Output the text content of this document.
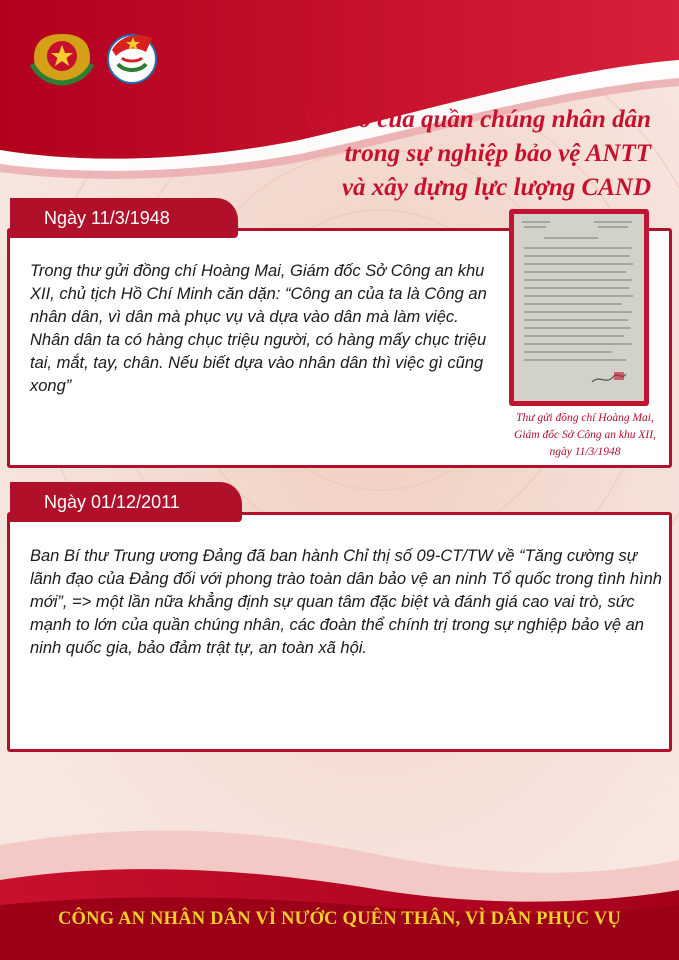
Vai trò của quần chúng nhân dân
trong sự nghiệp bảo vệ ANTT
và xây dựng lực lượng CAND
Ngày 11/3/1948
Trong thư gửi đồng chí Hoàng Mai, Giám đốc Sở Công an khu XII, chủ tịch Hồ Chí Minh căn dặn: “Công an của ta là Công an nhân dân, vì dân mà phục vụ và dựa vào dân mà làm việc. Nhân dân ta có hàng chục triệu người, có hàng mấy chục triệu tai, mắt, tay, chân. Nếu biết dựa vào nhân dân thì việc gì cũng xong”
Thư gửi đồng chí Hoàng Mai,
Giám đốc Sở Công an khu XII,
ngày 11/3/1948
Ngày 01/12/2011
Ban Bí thư Trung ương Đảng đã ban hành Chỉ thị số 09-CT/TW về “Tăng cường sự lãnh đạo của Đảng đối với phong trào toàn dân bảo vệ an ninh Tổ quốc trong tình hình mới”, => một lần nữa khẳng định sự quan tâm đặc biệt và đánh giá cao vai trò, sức mạnh to lớn của quần chúng nhân, các đoàn thể chính trị trong sự nghiệp bảo vệ an ninh quốc gia, bảo đảm trật tự, an toàn xã hội.
CÔNG AN NHÂN DÂN VÌ NƯỚC QUÊN THÂN, VÌ DÂN PHỤC VỤ
